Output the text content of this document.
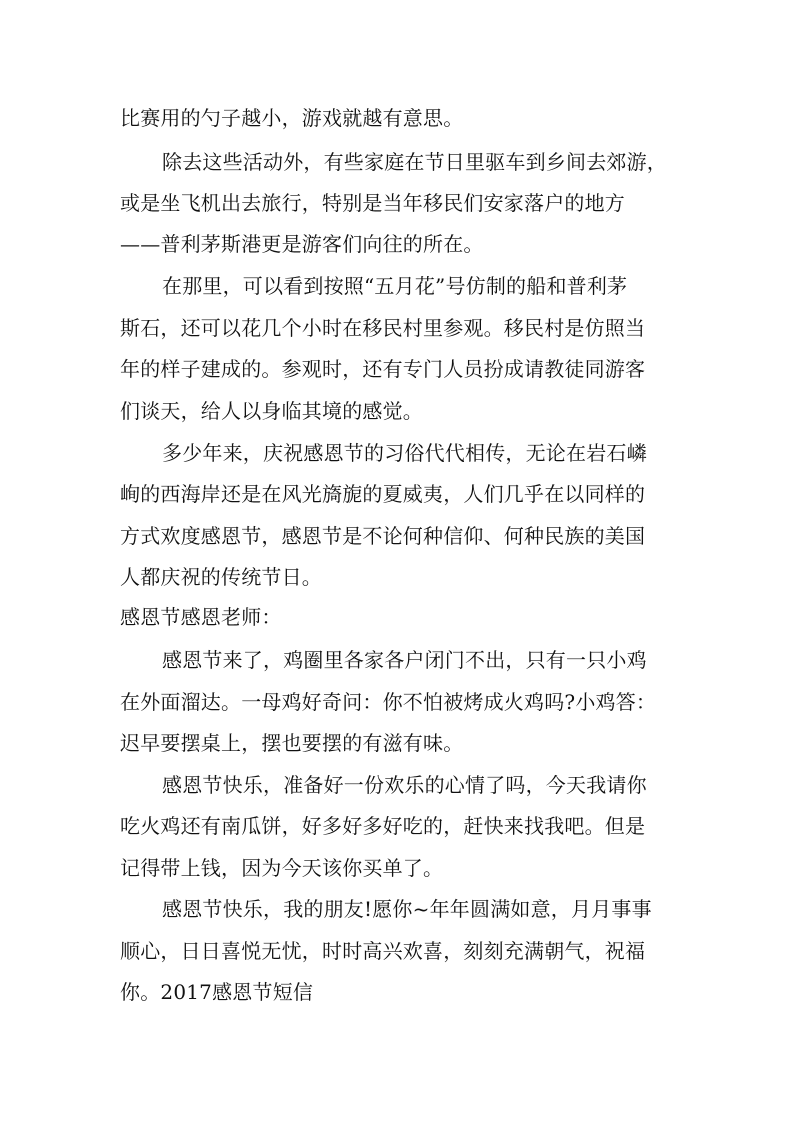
比赛用的勺子越小，游戏就越有意思。

除去这些活动外，有些家庭在节日里驱车到乡间去郊游，

或是坐飞机出去旅行，特别是当年移民们安家落户的地方

——普利茅斯港更是游客们向往的所在。

在那里，可以看到按照“五月花”号仿制的船和普利茅

斯石，还可以花几个小时在移民村里参观。移民村是仿照当

年的样子建成的。参观时，还有专门人员扮成请教徒同游客

们谈天，给人以身临其境的感觉。

多少年来，庆祝感恩节的习俗代代相传，无论在岩石嶙

峋的西海岸还是在风光旖旎的夏威夷，人们几乎在以同样的

方式欢度感恩节，感恩节是不论何种信仰、何种民族的美国

人都庆祝的传统节日。

感恩节感恩老师：

感恩节来了，鸡圈里各家各户闭门不出，只有一只小鸡

在外面溜达。一母鸡好奇问：你不怕被烤成火鸡吗?小鸡答：

迟早要摆桌上，摆也要摆的有滋有味。

感恩节快乐，准备好一份欢乐的心情了吗，今天我请你

吃火鸡还有南瓜饼，好多好多好吃的，赶快来找我吧。但是

记得带上钱，因为今天该你买单了。

感恩节快乐，我的朋友!愿你~年年圆满如意，月月事事

顺心，日日喜悦无忧，时时高兴欢喜，刻刻充满朝气，祝福

你。2017感恩节短信
